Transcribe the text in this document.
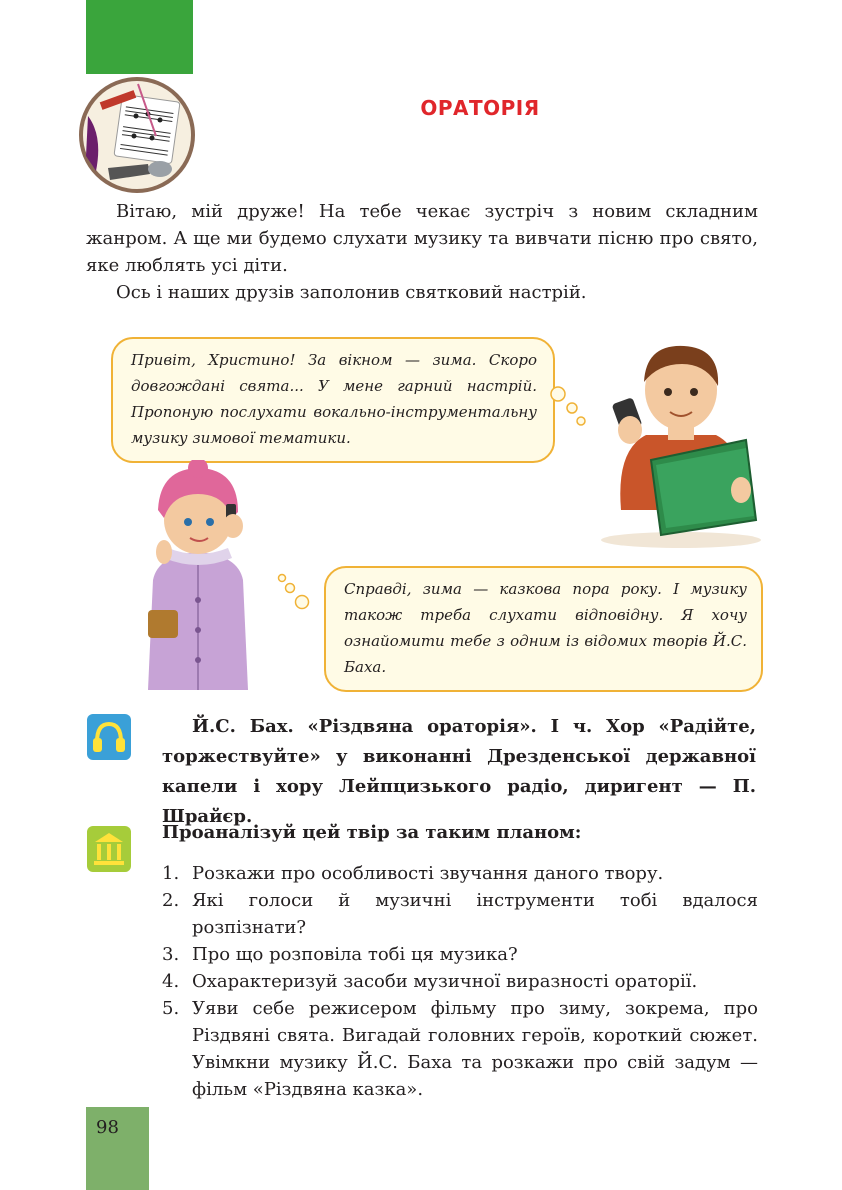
ОРАТОРІЯ

Вітаю, мій друже! На тебе чекає зустріч з новим складним жанром. А ще ми будемо слухати музику та вивчати пісню про свято, яке люблять усі діти.

Ось і наших друзів заполонив святковий настрій.

Привіт, Христино! За вікном — зима. Скоро довгождані свята... У мене гарний настрій. Пропоную послухати вокально-інструментальну музику зимової тематики.

Справді, зима — казкова пора року. І музику також треба слухати відповідну. Я хочу ознайомити тебе з одним із відомих творів Й.С. Баха.

Й.С. Бах. «Різдвяна ораторія». І ч. Хор «Радійте, торжествуйте» у виконанні Дрезденської державної капели і хору Лейпцизького радіо, диригент — П. Шрайєр.

Проаналізуй цей твір за таким планом:
1. Розкажи про особливості звучання даного твору.
2. Які голоси й музичні інструменти тобі вдалося розпізнати?
3. Про що розповіла тобі ця музика?
4. Охарактеризуй засоби музичної виразності ораторії.
5. Уяви себе режисером фільму про зиму, зокрема, про Різдвяні свята. Вигадай головних героїв, короткий сюжет. Увімкни музику Й.С. Баха та розкажи про свій задум — фільм «Різдвяна казка».
98
